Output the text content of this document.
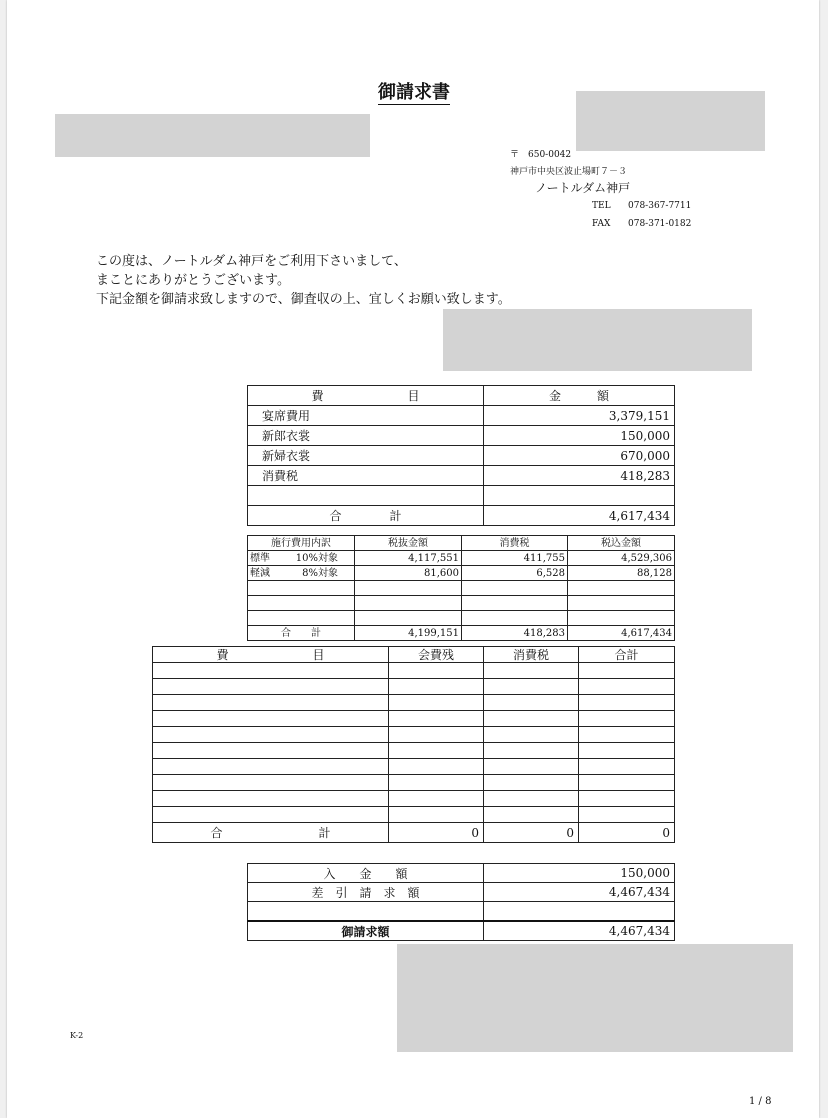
〒　650-0042
神戸市中央区波止場町７－３
ノートルダム神戸
TEL 078-367-7711
FAX 078-371-0182
この度は、ノートルダム神戸をご利用下さいまして、
まことにありがとうございます。
下記金額を御請求致しますので、御査収の上、宜しくお願い致します。
費　　　　　　　目	金　　　額
宴席費用	3,379,151
新郎衣裳	150,000
新婦衣裳	670,000
消費税	418,283

合　　　　計	4,617,434
施行費用内訳	税抜金額	消費税	税込金額
標準 10%対象	4,117,551	411,755	4,529,306
軽減 8%対象	81,600	6,528	88,128

合　　計	4,199,151	418,283	4,617,434
費　　　　　　　目	会費残	消費税	合計

合　　　　　　　　計	0	0	0
入　　金　　額	150,000
差　引　請　求　額	4,467,434

御請求額	4,467,434
K-2
1 / 8
御請求書
